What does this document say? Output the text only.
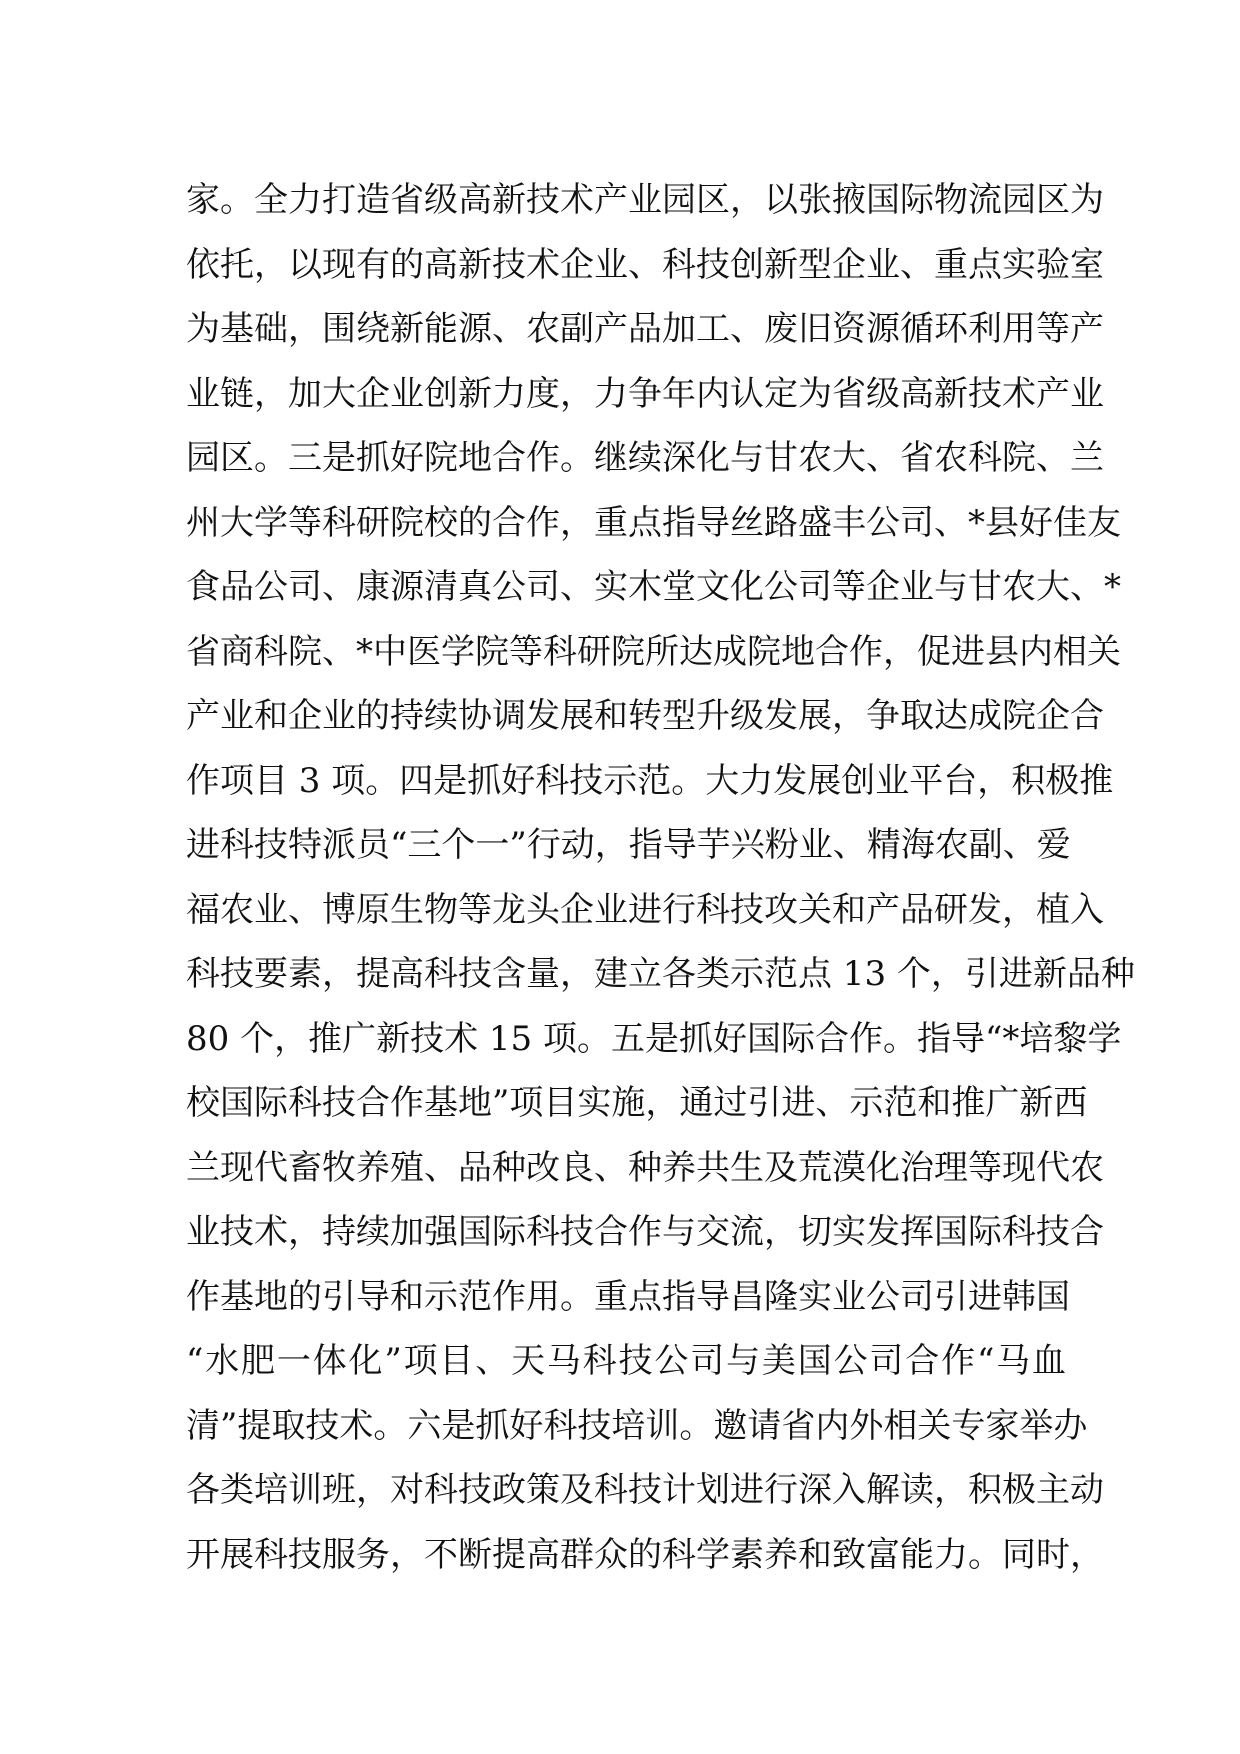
家。全力打造省级高新技术产业园区，以张掖国际物流园区为
依托，以现有的高新技术企业、科技创新型企业、重点实验室
为基础，围绕新能源、农副产品加工、废旧资源循环利用等产
业链，加大企业创新力度，力争年内认定为省级高新技术产业
园区。三是抓好院地合作。继续深化与甘农大、省农科院、兰
州大学等科研院校的合作，重点指导丝路盛丰公司、*县好佳友
食品公司、康源清真公司、实木堂文化公司等企业与甘农大、*
省商科院、*中医学院等科研院所达成院地合作，促进县内相关
产业和企业的持续协调发展和转型升级发展，争取达成院企合
作项目 3 项。四是抓好科技示范。大力发展创业平台，积极推
进科技特派员“三个一”行动，指导芋兴粉业、精海农副、爱
福农业、博原生物等龙头企业进行科技攻关和产品研发，植入
科技要素，提高科技含量，建立各类示范点 13 个，引进新品种
80 个，推广新技术 15 项。五是抓好国际合作。指导“*培黎学
校国际科技合作基地”项目实施，通过引进、示范和推广新西
兰现代畜牧养殖、品种改良、种养共生及荒漠化治理等现代农
业技术，持续加强国际科技合作与交流，切实发挥国际科技合
作基地的引导和示范作用。重点指导昌隆实业公司引进韩国
“水肥一体化”项目、天马科技公司与美国公司合作“马血
清”提取技术。六是抓好科技培训。邀请省内外相关专家举办
各类培训班，对科技政策及科技计划进行深入解读，积极主动
开展科技服务，不断提高群众的科学素养和致富能力。同时，
